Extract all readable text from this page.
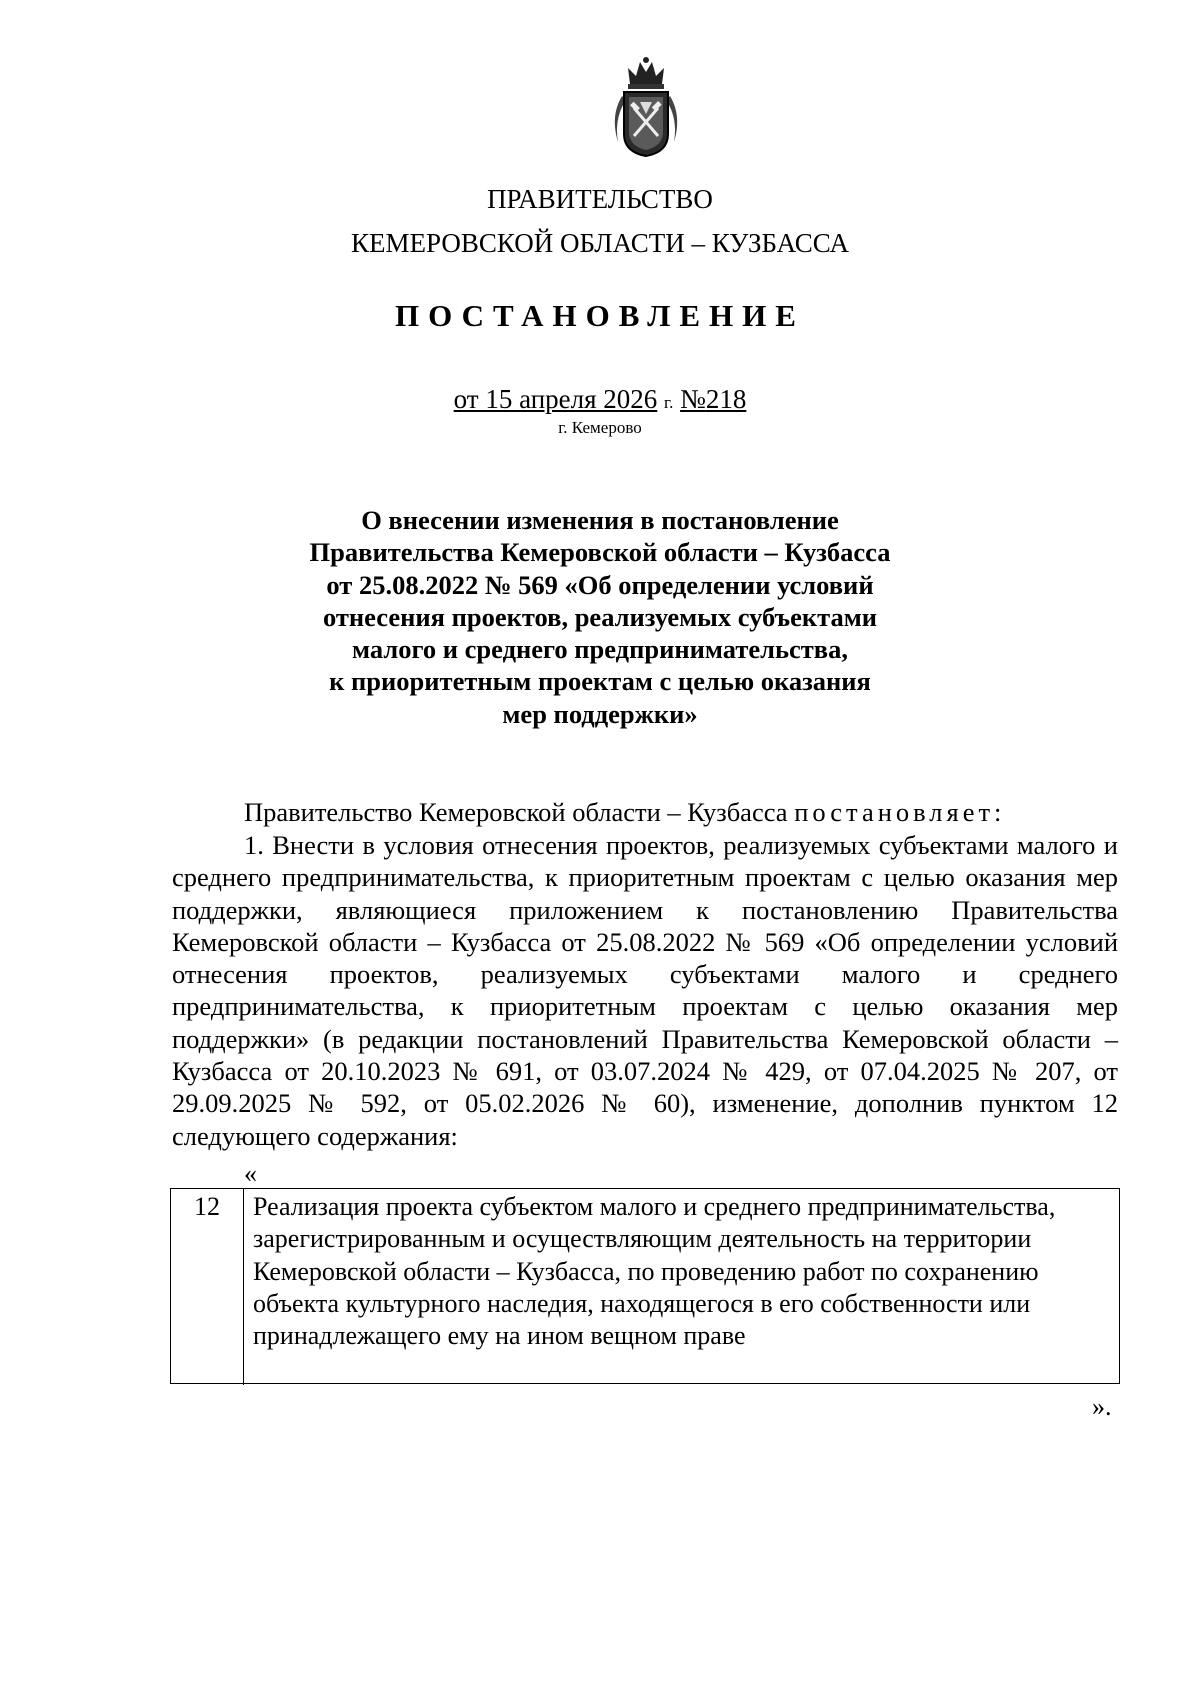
ПРАВИТЕЛЬСТВО
КЕМЕРОВСКОЙ ОБЛАСТИ – КУЗБАССА
ПОСТАНОВЛЕНИЕ
от 15 апреля 2026 г. №218
г. Кемерово
О внесении изменения в постановление
Правительства Кемеровской области – Кузбасса
от 25.08.2022 № 569 «Об определении условий
отнесения проектов, реализуемых субъектами
малого и среднего предпринимательства,
к приоритетным проектам с целью оказания
мер поддержки»
Правительство Кемеровской области – Кузбасса постановляет:
1. Внести в условия отнесения проектов, реализуемых субъектами малого и среднего предпринимательства, к приоритетным проектам с целью оказания мер поддержки, являющиеся приложением к постановлению Правительства Кемеровской области – Кузбасса от 25.08.2022 № 569 «Об определении условий отнесения проектов, реализуемых субъектами малого и среднего предпринимательства, к приоритетным проектам с целью оказания мер поддержки» (в редакции постановлений Правительства Кемеровской области – Кузбасса от 20.10.2023 № 691, от 03.07.2024 № 429, от 07.04.2025 № 207, от 29.09.2025 № 592, от 05.02.2026 № 60), изменение, дополнив пунктом 12 следующего содержания:
«
12	Реализация проекта субъектом малого и среднего предпринимательства, зарегистрированным и осуществляющим деятельность на территории Кемеровской области – Кузбасса, по проведению работ по сохранению объекта культурного наследия, находящегося в его собственности или принадлежащего ему на ином вещном праве
».
